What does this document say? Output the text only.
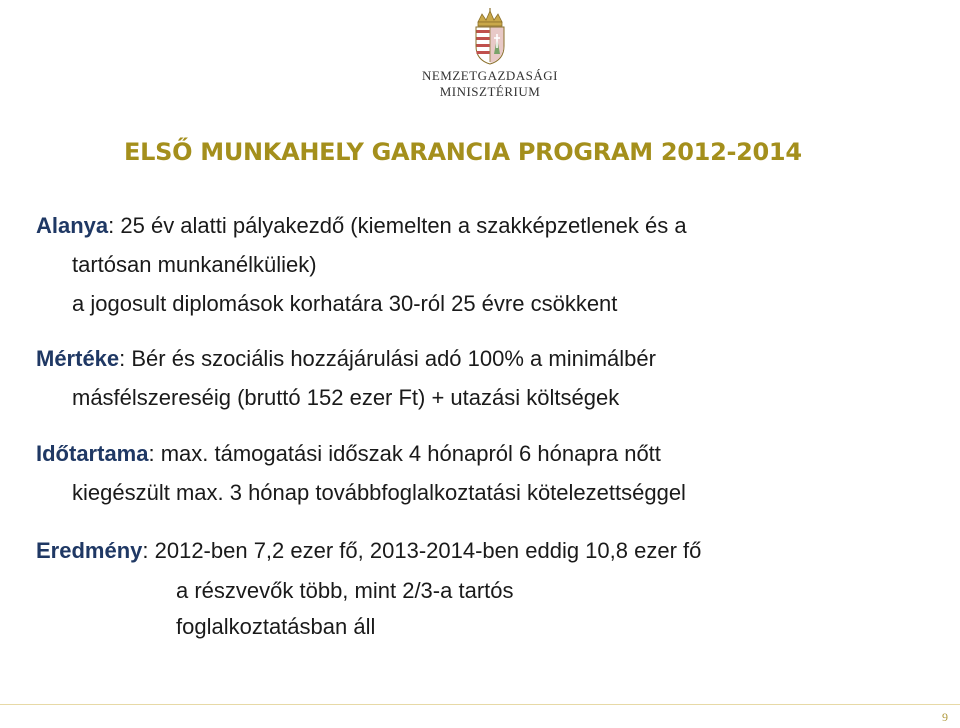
NEMZETGAZDASÁGI
MINISZTÉRIUM
ELSŐ MUNKAHELY GARANCIA PROGRAM 2012-2014
Alanya: 25 év alatti pályakezdő (kiemelten a szakképzetlenek és a
tartósan munkanélküliek)
a jogosult diplomások korhatára 30-ról 25 évre csökkent
Mértéke: Bér és szociális hozzájárulási adó 100% a minimálbér
másfélszereséig (bruttó 152 ezer Ft) + utazási költségek
Időtartama: max. támogatási időszak 4 hónapról 6 hónapra nőtt
kiegészült max. 3 hónap továbbfoglalkoztatási kötelezettséggel
Eredmény: 2012-ben 7,2 ezer fő, 2013-2014-ben eddig 10,8 ezer fő
a részvevők több, mint 2/3-a tartós
foglalkoztatásban áll
9
